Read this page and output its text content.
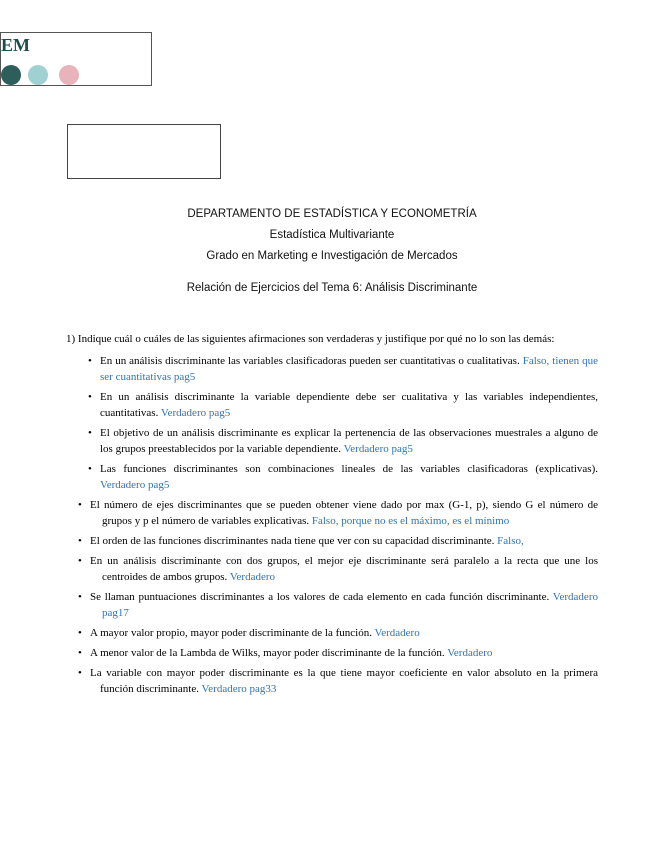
EM
DEPARTAMENTO DE ESTADÍSTICA Y ECONOMETRÍA
Estadística Multivariante
Grado en Marketing e Investigación de Mercados
Relación de Ejercicios del Tema 6: Análisis Discriminante

1) Indique cuál o cuáles de las siguientes afirmaciones son verdaderas y justifique por qué no lo son las demás:

• En un análisis discriminante las variables clasificadoras pueden ser cuantitativas o cualitativas. Falso, tienen que ser cuantitativas pag5
• En un análisis discriminante la variable dependiente debe ser cualitativa y las variables independientes, cuantitativas. Verdadero pag5
• El objetivo de un análisis discriminante es explicar la pertenencia de las observaciones muestrales a alguno de los grupos preestablecidos por la variable dependiente. Verdadero pag5
• Las funciones discriminantes son combinaciones lineales de las variables clasificadoras (explicativas). Verdadero pag5
• El número de ejes discriminantes que se pueden obtener viene dado por max (G-1, p), siendo G el número de grupos y p el número de variables explicativas. Falso, porque no es el máximo, es el mínimo
• El orden de las funciones discriminantes nada tiene que ver con su capacidad discriminante. Falso,
• En un análisis discriminante con dos grupos, el mejor eje discriminante será paralelo a la recta que une los centroides de ambos grupos. Verdadero
• Se llaman puntuaciones discriminantes a los valores de cada elemento en cada función discriminante. Verdadero pag17
• A mayor valor propio, mayor poder discriminante de la función. Verdadero
• A menor valor de la Lambda de Wilks, mayor poder discriminante de la función. Verdadero
• La variable con mayor poder discriminante es la que tiene mayor coeficiente en valor absoluto en la primera función discriminante. Verdadero pag33
